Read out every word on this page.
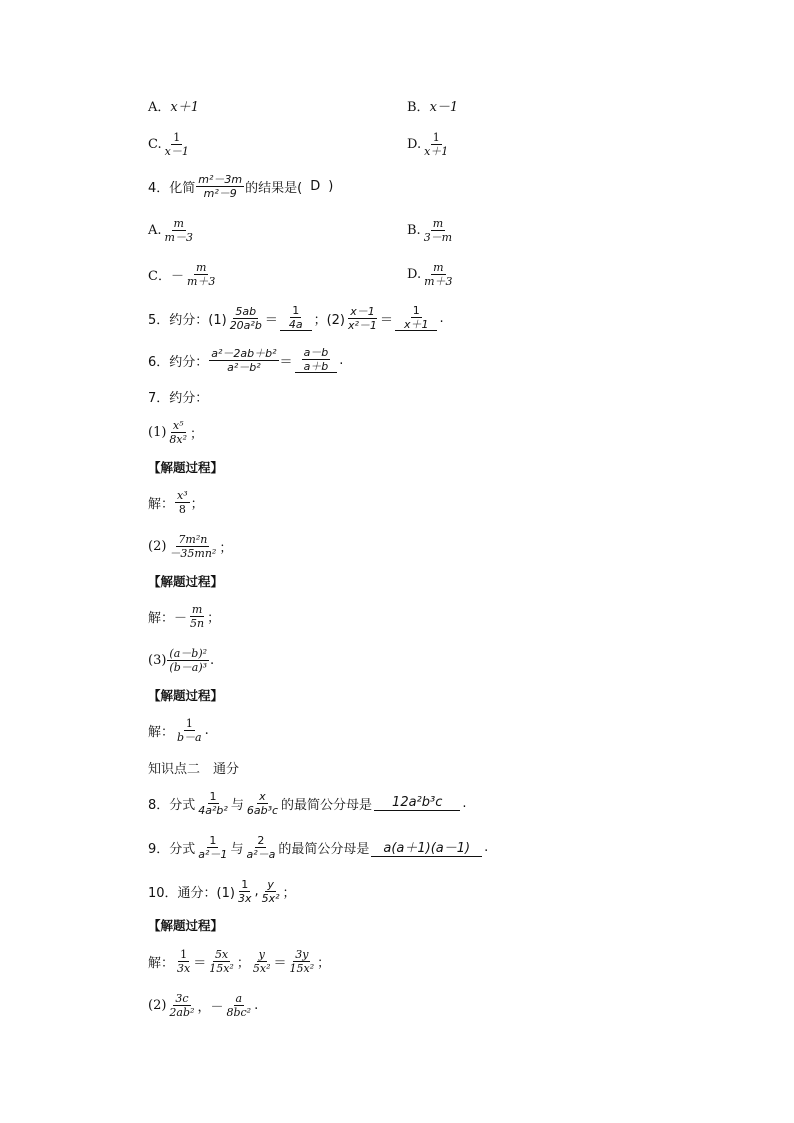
A． x＋1	B． x－1
C. $\frac{1}{x-1}$	D. $\frac{1}{x+1}$
4．化简 $\frac{\text{m²－3m}}{\text{m²－9}}$ 的结果是( D )
A. $\frac{m}{m-3}$	B. $\frac{m}{3-m}$
C． － $\frac{m}{m+3}$	D. $\frac{m}{m+3}$
5．约分：$(1) \frac{5ab}{\text{20a²b}} = \frac{1}{4a}$ ；$(2) \frac{x-1}{\text{x²－1}} = \frac{1}{x+1}$ .
6．约分： $\frac{\text{a²－2ab＋b²}}{\text{a²－b²}} = \frac{a-b}{a+b}$ .
7．约分：
$(1) \frac{\text{x⁵}}{\text{8x²}}$ ；
【解题过程】
解： $\frac{\text{x³}}{8}$ ；
$(2) \frac{\text{7m²n}}{\text{－35mn²}}$ ；
【解题过程】
解： － $\frac{m}{5n}$ ；
$(3) \frac{\text{(a－b)²}}{\text{(b－a)³}}$ .
【解题过程】
解： $\frac{1}{b-a}$ .
知识点二　通分
8．分式 $\frac{1}{\text{4a²b²}}$ 与 $\frac{x}{\text{6ab³c}}$ 的最简公分母是	12a²b³c	.
9．分式 $\frac{1}{\text{a²－1}}$ 与 $\frac{2}{\text{a²－a}}$ 的最简公分母是	a(a＋1)(a－1)	.
10．通分：$(1) \frac{1}{3x}$ , $\frac{y}{\text{5x²}}$ ；
【解题过程】
解： $\frac{1}{3x} = \frac{5x}{\text{15x²}}$ ； $\frac{y}{\text{5x²}} = \frac{3y}{\text{15x²}}$ ；
$(2) \frac{3c}{\text{2ab²}}$ ， － $\frac{a}{\text{8bc²}}$ .
